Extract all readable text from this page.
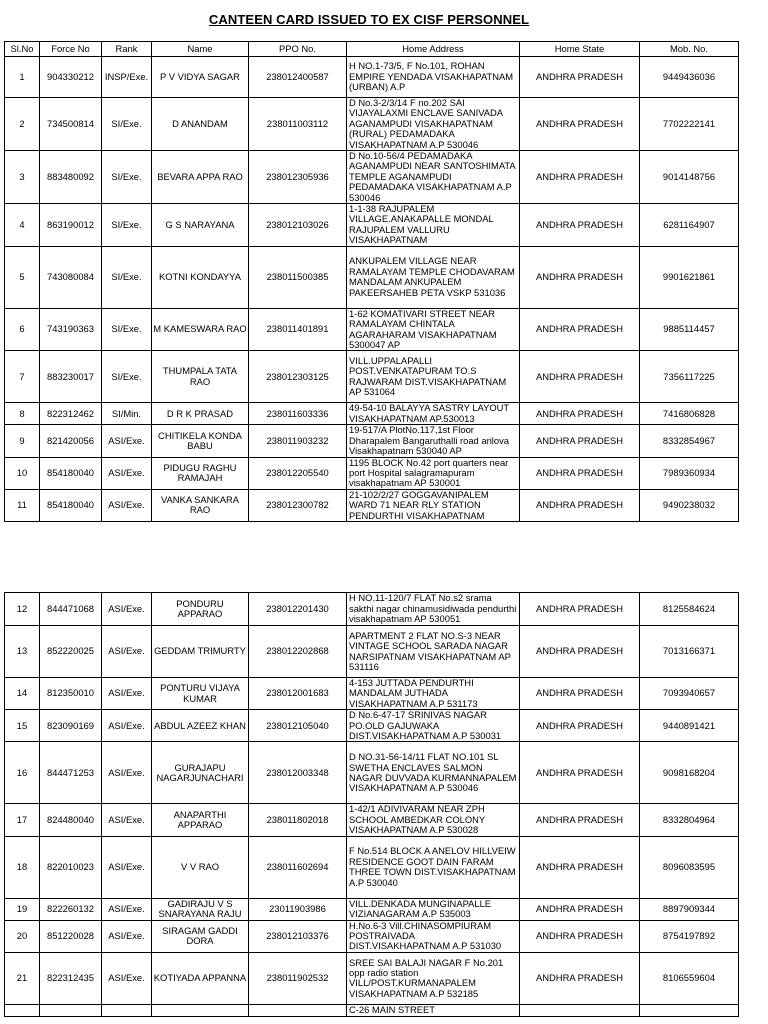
CANTEEN CARD ISSUED TO EX CISF PERSONNEL
Sl.No	Force No	Rank	Name	PPO No.	Home Address	Home State	Mob. No.
1	904330212	INSP/Exe.	P V VIDYA SAGAR	238012400587	H NO.1-73/5, F No.101, ROHAN EMPIRE YENDADA VISAKHAPATNAM (URBAN) A.P	ANDHRA PRADESH	9449436036
2	734500814	SI/Exe.	D ANANDAM	238011003112	D No.3-2/3/14 F no.202 SAI VIJAYALAXMI ENCLAVE SANIVADA AGANAMPUDI VISAKHAPATNAM (RURAL) PEDAMADAKA VISAKHAPATNAM A.P 530046	ANDHRA PRADESH	7702222141
3	883480092	SI/Exe.	BEVARA APPA RAO	238012305936	D No.10-56/4 PEDAMADAKA AGANAMPUDI NEAR SANTOSHIMATA TEMPLE AGANAMPUDI PEDAMADAKA VISAKHAPATNAM A.P 530046	ANDHRA PRADESH	9014148756
4	863190012	SI/Exe.	G S NARAYANA	238012103026	1-1-38 RAJUPALEM VILLAGE.ANAKAPALLE MONDAL RAJUPALEM VALLURU VISAKHAPATNAM	ANDHRA PRADESH	6281164907
5	743080084	SI/Exe.	KOTNI KONDAYYA	238011500385	ANKUPALEM VILLAGE NEAR RAMALAYAM TEMPLE CHODAVARAM MANDALAM ANKUPALEM PAKEERSAHEB PETA VSKP 531036	ANDHRA PRADESH	9901621861
6	743190363	SI/Exe.	M KAMESWARA RAO	238011401891	1-62 KOMATIVARI STREET NEAR RAMALAYAM CHINTALA AGARAHARAM VISAKHAPATNAM 5300047 AP	ANDHRA PRADESH	9885114457
7	883230017	SI/Exe.	THUMPALA TATA RAO	238012303125	VILL.UPPALAPALLI POST.VENKATAPURAM TO.S RAJWARAM DIST.VISAKHAPATNAM AP 531064	ANDHRA PRADESH	7356117225
8	822312462	SI/Min.	D R K PRASAD	238011603336	49-54-10 BALAYYA SASTRY LAYOUT VISAKHAPATNAM AP.530013	ANDHRA PRADESH	7416806828
9	821420056	ASI/Exe.	CHITIKELA KONDA BABU	238011903232	19-517/A PlotNo.117,1st Floor Dharapalem Bangaruthalli road arilova Visakhapatnam 530040 AP	ANDHRA PRADESH	8332854967
10	854180040	ASI/Exe.	PIDUGU RAGHU RAMAJAH	238012205540	1195 BLOCK No.42 port quarters near port Hospital salagramapuram visakhapatnam AP 530001	ANDHRA PRADESH	7989360934
11	854180040	ASI/Exe.	VANKA SANKARA RAO	238012300782	21-102/2/27 GOGGAVANIPALEM WARD 71 NEAR RLY STATION PENDURTHI VISAKHAPATNAM	ANDHRA PRADESH	9490238032
12	844471068	ASI/Exe.	PONDURU APPARAO	238012201430	H NO.11-120/7 FLAT No.s2 srama sakthi nagar chinamusidiwada pendurthi visakhapatnam AP 530051	ANDHRA PRADESH	8125584624
13	852220025	ASI/Exe.	GEDDAM TRIMURTY	238012202868	APARTMENT 2 FLAT NO.S-3 NEAR VINTAGE SCHOOL SARADA NAGAR NARSIPATNAM VISAKHAPATNAM AP 531116	ANDHRA PRADESH	7013166371
14	812350010	ASI/Exe.	PONTURU VIJAYA KUMAR	238012001683	4-153 JUTTADA PENDURTHI MANDALAM JUTHADA VISAKHAPATNAM A.P 531173	ANDHRA PRADESH	7093940657
15	823090169	ASI/Exe.	ABDUL AZEEZ KHAN	238012105040	D No.6-47-17 SRINIVAS NAGAR PO.OLD GAJUWAKA DIST.VISAKHAPATNAM A.P 530031	ANDHRA PRADESH	9440891421
16	844471253	ASI/Exe.	GURAJAPU NAGARJUNACHARI	238012003348	D NO.31-56-14/11 FLAT NO.101 SL SWETHA ENCLAVES SALMON NAGAR DUVVADA KURMANNAPALEM VISAKHAPATNAM A.P 530046	ANDHRA PRADESH	9098168204
17	824480040	ASI/Exe.	ANAPARTHI APPARAO	238011802018	1-42/1 ADIVIVARAM NEAR ZPH SCHOOL AMBEDKAR COLONY VISAKHAPATNAM A.P 530028	ANDHRA PRADESH	8332804964
18	822010023	ASI/Exe.	V V RAO	238011602694	F No.514 BLOCK A ANELOV HILLVEIW RESIDENCE GOOT DAIN FARAM THREE TOWN DIST.VISAKHAPATNAM A.P 530040	ANDHRA PRADESH	8096083595
19	822260132	ASI/Exe.	GADIRAJU V S SNARAYANA RAJU	23011903986	VILL.DENKADA MUNGINAPALLE VIZIANAGARAM A.P 535003	ANDHRA PRADESH	8897909344
20	851220028	ASI/Exe.	SIRAGAM GADDI DORA	238012103376	H.No.6-3 Vill.CHINASOMPIURAM POSTRAIVADA DIST.VISAKHAPATNAM A.P 531030	ANDHRA PRADESH	8754197892
21	822312435	ASI/Exe.	KOTIYADA APPANNA	238011902532	SREE SAI BALAJI NAGAR F No.201 opp radio station VILL/POST.KURMANAPALEM VISAKHAPATNAM A.P 532185	ANDHRA PRADESH	8106559604
					C-26 MAIN STREET		
